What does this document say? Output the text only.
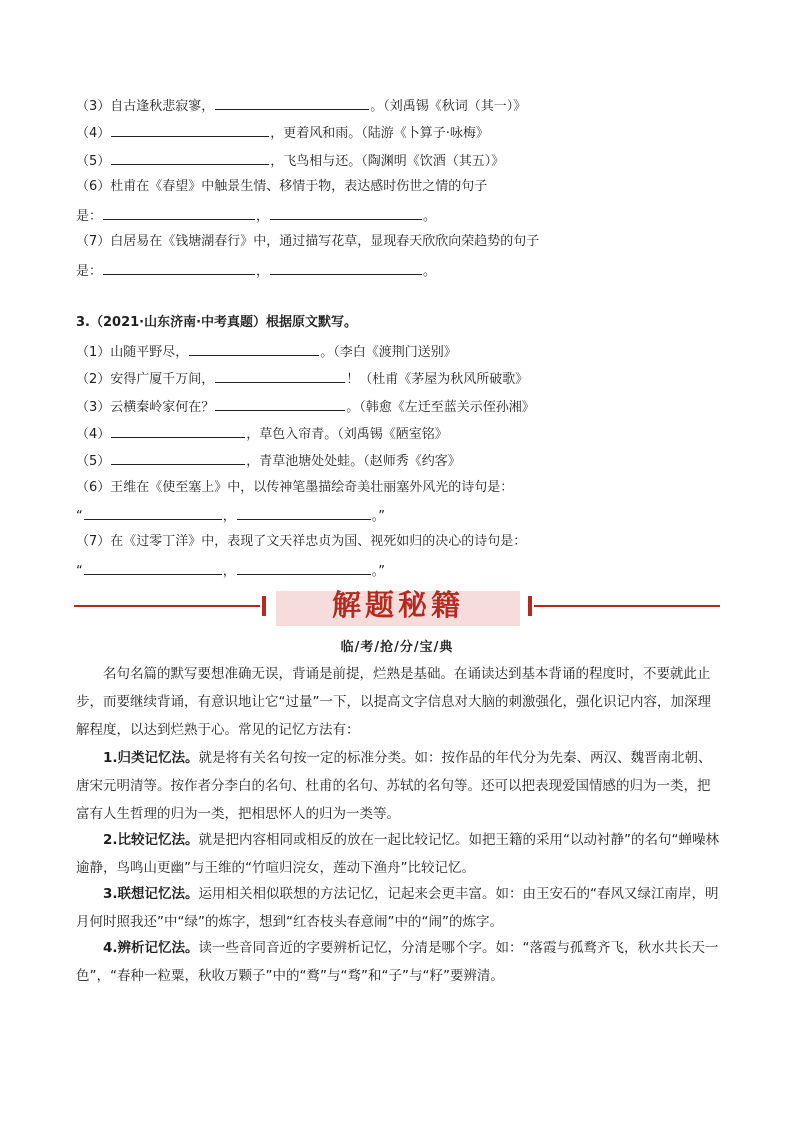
（3）自古逢秋悲寂寥，	。（刘禹锡《秋词（其一）》
（4）	，更着风和雨。（陆游《卜算子·咏梅》
（5）	，飞鸟相与还。（陶渊明《饮酒（其五）》
（6）杜甫在《春望》中触景生情、移情于物，表达感时伤世之情的句子
是：	，	。
（7）白居易在《钱塘湖春行》中，通过描写花草，显现春天欣欣向荣趋势的句子
是：	，	。
3.（2021·山东济南·中考真题）根据原文默写。
（1）山随平野尽，	。（李白《渡荆门送别》
（2）安得广厦千万间，	！（杜甫《茅屋为秋风所破歌》
（3）云横秦岭家何在？	。（韩愈《左迁至蓝关示侄孙湘》
（4）	，草色入帘青。（刘禹锡《陋室铭》
（5）	，青草池塘处处蛙。（赵师秀《约客》
（6）王维在《使至塞上》中，以传神笔墨描绘奇美壮丽塞外风光的诗句是：
“	，	。”
（7）在《过零丁洋》中，表现了文天祥忠贞为国、视死如归的决心的诗句是：
“	，	。”
解题秘籍
临/考/抢/分/宝/典
名句名篇的默写要想准确无误，背诵是前提，烂熟是基础。在诵读达到基本背诵的程度时，不要就此止步，而要继续背诵，有意识地让它“过量”一下，以提高文字信息对大脑的刺激强化，强化识记内容，加深理解程度，以达到烂熟于心。常见的记忆方法有：
1.归类记忆法。就是将有关名句按一定的标准分类。如：按作品的年代分为先秦、两汉、魏晋南北朝、唐宋元明清等。按作者分李白的名句、杜甫的名句、苏轼的名句等。还可以把表现爱国情感的归为一类，把富有人生哲理的归为一类，把相思怀人的归为一类等。
2.比较记忆法。就是把内容相同或相反的放在一起比较记忆。如把王籍的采用“以动衬静”的名句“蝉噪林逾静，鸟鸣山更幽”与王维的“竹喧归浣女，莲动下渔舟”比较记忆。
3.联想记忆法。运用相关相似联想的方法记忆，记起来会更丰富。如：由王安石的“春风又绿江南岸，明月何时照我还”中“绿”的炼字，想到“红杏枝头春意闹”中的“闹”的炼字。
4.辨析记忆法。读一些音同音近的字要辨析记忆，分清是哪个字。如：“落霞与孤鹜齐飞，秋水共长天一色”，“春种一粒粟，秋收万颗子”中的“鹜”与“骛”和“子”与“籽”要辨清。
